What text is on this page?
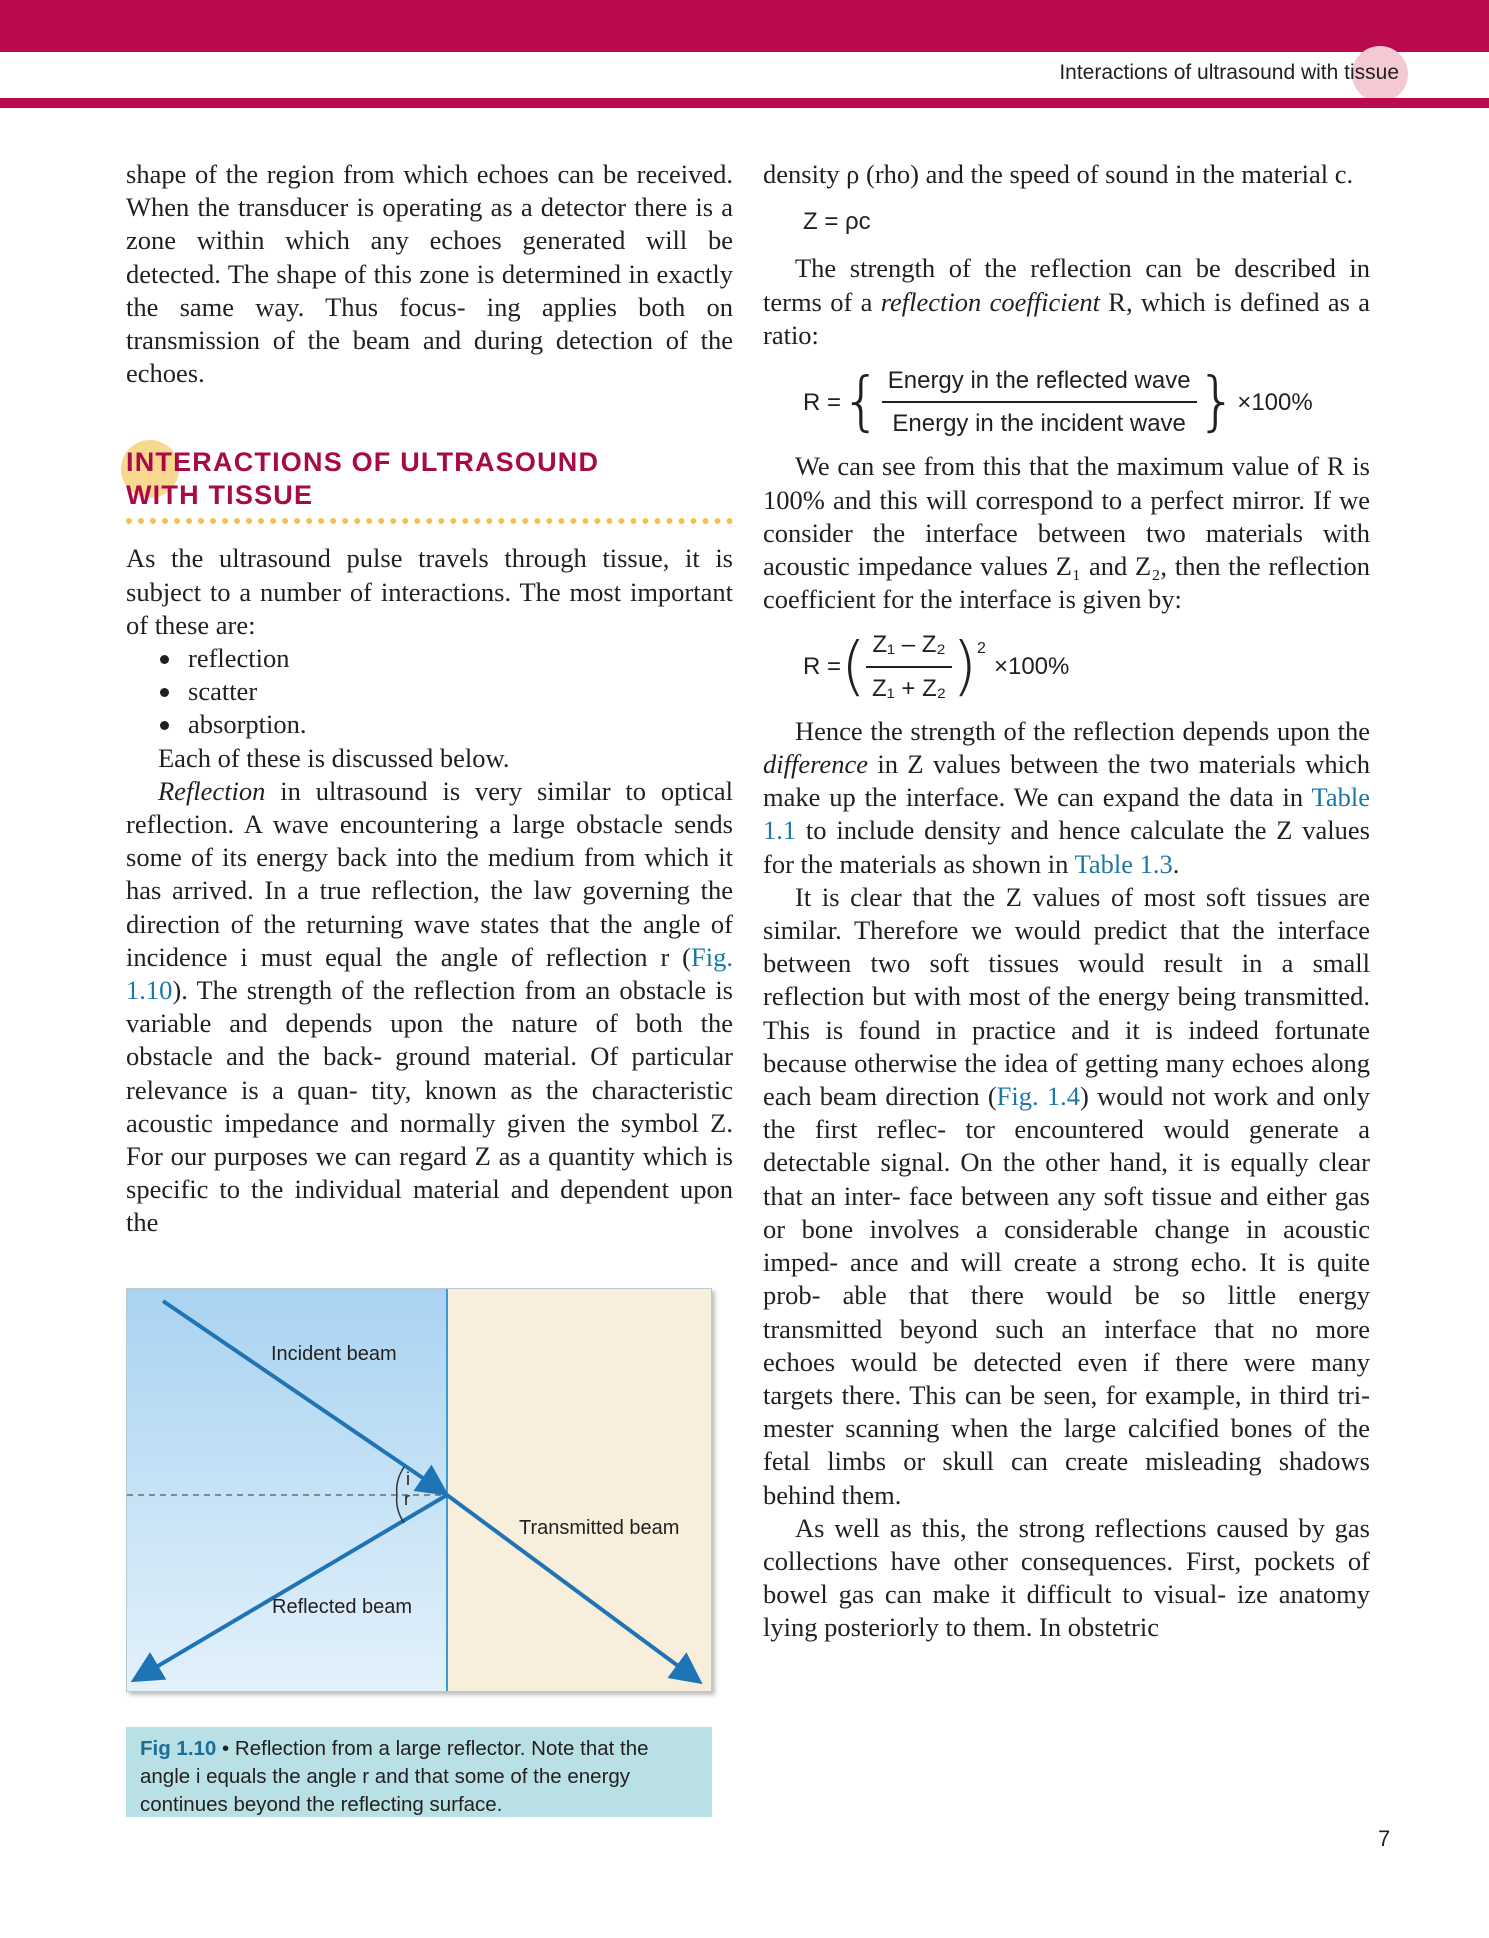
Interactions of ultrasound with tissue

shape of the region from which echoes can be received. When the transducer is operating as a detector there is a zone within which any echoes generated will be detected. The shape of this zone is determined in exactly the same way. Thus focus- ing applies both on transmission of the beam and during detection of the echoes.

INTERACTIONS OF ULTRASOUND
WITH TISSUE

As the ultrasound pulse travels through tissue, it is subject to a number of interactions. The most important of these are:

reflection
scatter
absorption.

Each of these is discussed below.

Reflection in ultrasound is very similar to optical reflection. A wave encountering a large obstacle sends some of its energy back into the medium from which it has arrived. In a true reflection, the law governing the direction of the returning wave states that the angle of incidence i must equal the angle of reflection r (Fig. 1.10). The strength of the reflection from an obstacle is variable and depends upon the nature of both the obstacle and the back- ground material. Of particular relevance is a quan- tity, known as the characteristic acoustic impedance and normally given the symbol Z. For our purposes we can regard Z as a quantity which is specific to the individual material and dependent upon the

Incident beam
Reflected beam
Transmitted beam
i
r
Fig 1.10 • Reflection from a large reflector. Note that the angle i equals the angle r and that some of the energy continues beyond the reflecting surface.

density ρ (rho) and the speed of sound in the material c.

Z = ρc

The strength of the reflection can be described in terms of a reflection coefficient R, which is defined as a ratio:

R = { $\frac{\text{Energy in the reflected wave}}{\text{Energy in the incident wave}}$ } ×100%

We can see from this that the maximum value of R is 100% and this will correspond to a perfect mirror. If we consider the interface between two materials with acoustic impedance values Z₁ and Z₂, then the reflection coefficient for the interface is given by:

R = ( $\frac{\text{Z₁ – Z₂}}{\text{Z₁ + Z₂}} )^2$
×100%

Hence the strength of the reflection depends upon the difference in Z values between the two materials which make up the interface. We can expand the data in Table 1.1 to include density and hence calculate the Z values for the materials as shown in Table 1.3.

It is clear that the Z values of most soft tissues are similar. Therefore we would predict that the interface between two soft tissues would result in a small reflection but with most of the energy being transmitted. This is found in practice and it is indeed fortunate because otherwise the idea of getting many echoes along each beam direction (Fig. 1.4) would not work and only the first reflec- tor encountered would generate a detectable signal. On the other hand, it is equally clear that an inter- face between any soft tissue and either gas or bone involves a considerable change in acoustic imped- ance and will create a strong echo. It is quite prob- able that there would be so little energy transmitted beyond such an interface that no more echoes would be detected even if there were many targets there. This can be seen, for example, in third tri- mester scanning when the large calcified bones of the fetal limbs or skull can create misleading shadows behind them.

As well as this, the strong reflections caused by gas collections have other consequences. First, pockets of bowel gas can make it difficult to visual- ize anatomy lying posteriorly to them. In obstetric

7
